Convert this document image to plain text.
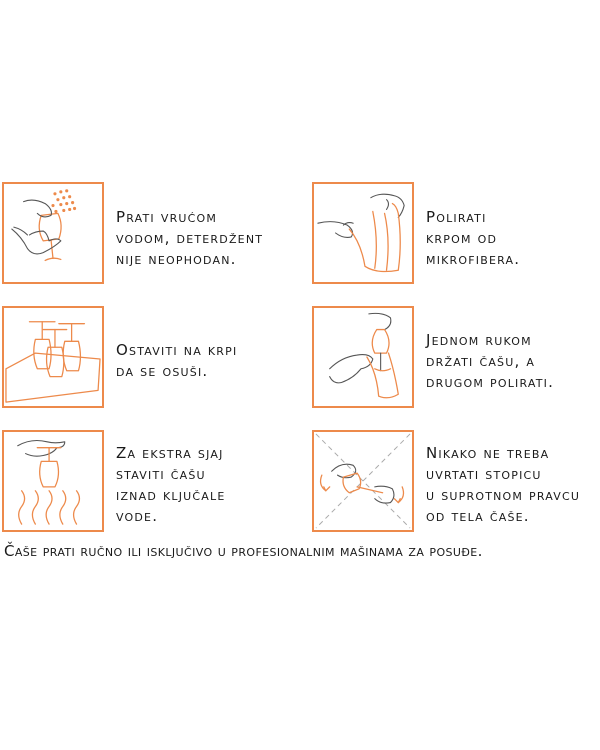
Prati vrućom
vodom, deterdžent
nije neophodan.
Polirati
krpom od
mikrofibera.
Ostaviti na krpi
da se osuši.
Jednom rukom
držati čašu, a
drugom polirati.
Za ekstra sjaj
staviti čašu
iznad ključale
vode.
Nikako ne treba
uvrtati stopicu
u suprotnom pravcu
od tela čaše.
Čaše prati ručno ili isključivo u profesionalnim mašinama za posuđe.
